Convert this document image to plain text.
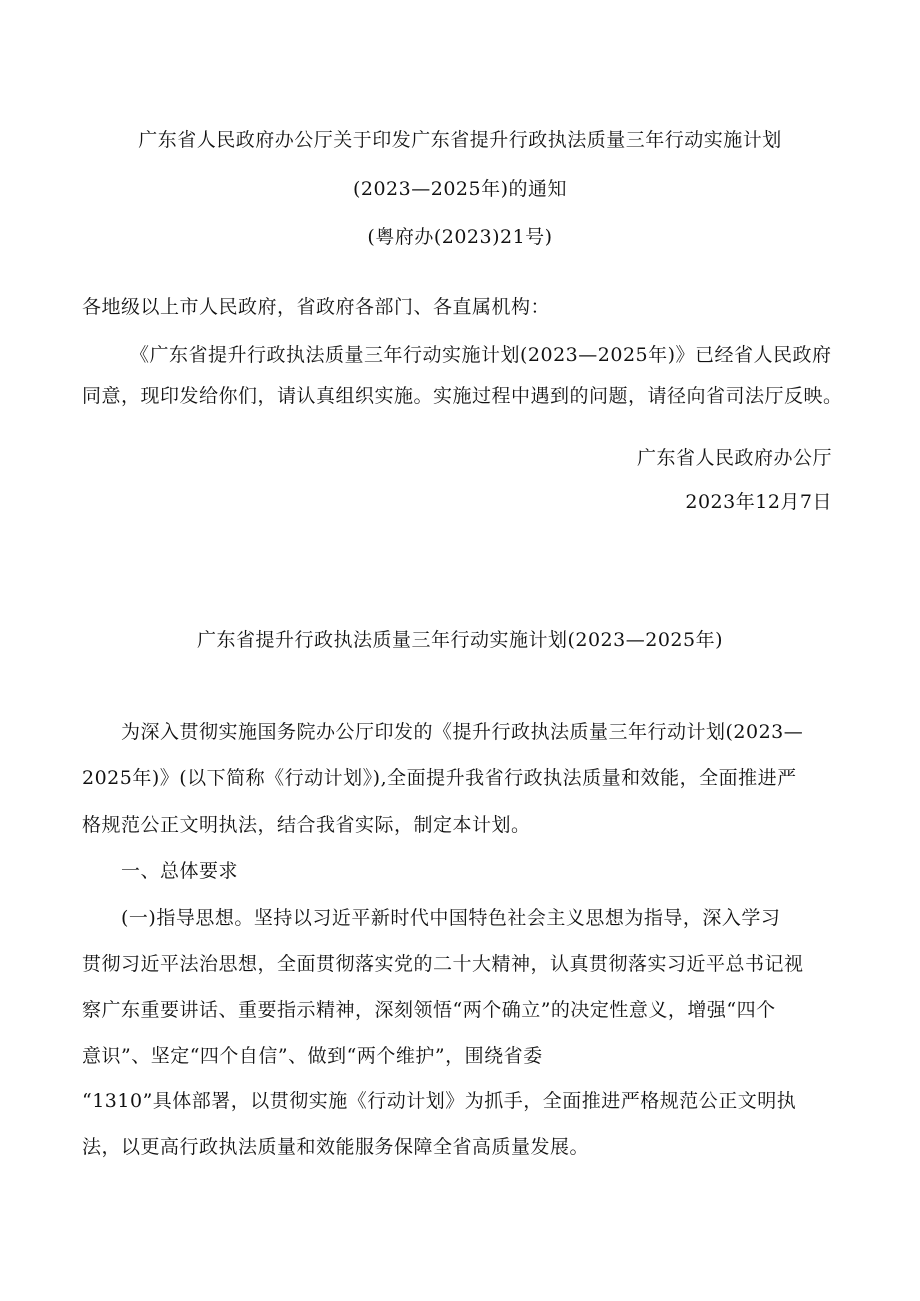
广东省人民政府办公厅关于印发广东省提升行政执法质量三年行动实施计划
(2023—2025年)的通知
(粤府办(2023)21号)
各地级以上市人民政府，省政府各部门、各直属机构：
《广东省提升行政执法质量三年行动实施计划(2023—2025年)》已经省人民政府
同意，现印发给你们，请认真组织实施。实施过程中遇到的问题，请径向省司法厅反映。
广东省人民政府办公厅
2023年12月7日
广东省提升行政执法质量三年行动实施计划(2023—2025年)
为深入贯彻实施国务院办公厅印发的《提升行政执法质量三年行动计划(2023—
2025年)》(以下简称《行动计划》),全面提升我省行政执法质量和效能，全面推进严
格规范公正文明执法，结合我省实际，制定本计划。
一、总体要求
(一)指导思想。坚持以习近平新时代中国特色社会主义思想为指导，深入学习
贯彻习近平法治思想，全面贯彻落实党的二十大精神，认真贯彻落实习近平总书记视
察广东重要讲话、重要指示精神，深刻领悟“两个确立”的决定性意义，增强“四个
意识”、坚定“四个自信”、做到“两个维护”，围绕省委
“1310”具体部署，以贯彻实施《行动计划》为抓手，全面推进严格规范公正文明执
法，以更高行政执法质量和效能服务保障全省高质量发展。
